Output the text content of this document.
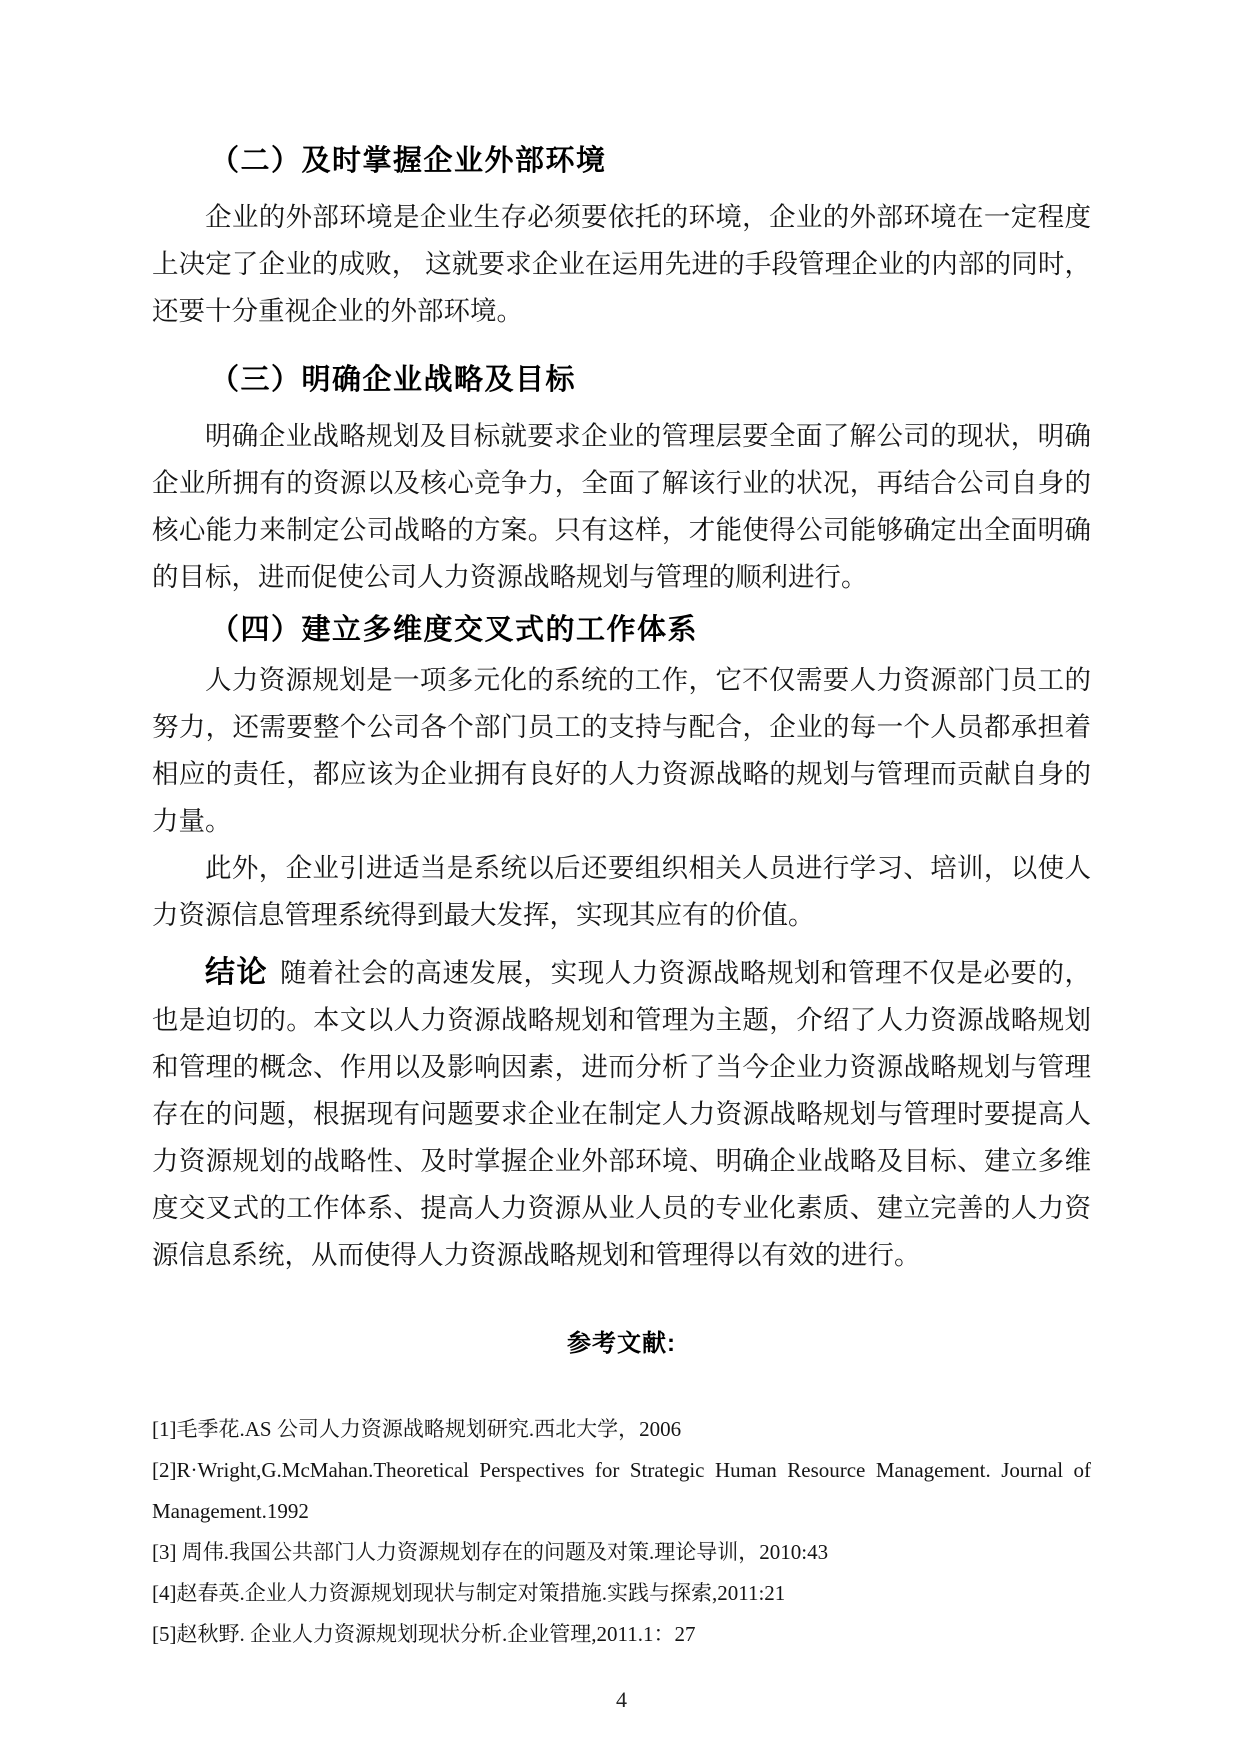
（二）及时掌握企业外部环境

企业的外部环境是企业生存必须要依托的环境，企业的外部环境在一定程度上决定了企业的成败， 这就要求企业在运用先进的手段管理企业的内部的同时，还要十分重视企业的外部环境。

（三）明确企业战略及目标

明确企业战略规划及目标就要求企业的管理层要全面了解公司的现状，明确企业所拥有的资源以及核心竞争力，全面了解该行业的状况，再结合公司自身的核心能力来制定公司战略的方案。只有这样，才能使得公司能够确定出全面明确的目标，进而促使公司人力资源战略规划与管理的顺利进行。

（四）建立多维度交叉式的工作体系

人力资源规划是一项多元化的系统的工作，它不仅需要人力资源部门员工的努力，还需要整个公司各个部门员工的支持与配合，企业的每一个人员都承担着相应的责任，都应该为企业拥有良好的人力资源战略的规划与管理而贡献自身的力量。

此外，企业引进适当是系统以后还要组织相关人员进行学习、培训，以使人力资源信息管理系统得到最大发挥，实现其应有的价值。

结论 随着社会的高速发展，实现人力资源战略规划和管理不仅是必要的，也是迫切的。本文以人力资源战略规划和管理为主题，介绍了人力资源战略规划和管理的概念、作用以及影响因素，进而分析了当今企业力资源战略规划与管理存在的问题，根据现有问题要求企业在制定人力资源战略规划与管理时要提高人力资源规划的战略性、及时掌握企业外部环境、明确企业战略及目标、建立多维度交叉式的工作体系、提高人力资源从业人员的专业化素质、建立完善的人力资源信息系统，从而使得人力资源战略规划和管理得以有效的进行。

参考文献:

[1]毛季花.AS 公司人力资源战略规划研究.西北大学，2006

[2]R·Wright,G.McMahan.Theoretical Perspectives for Strategic Human Resource Management. Journal of Management.1992

[3] 周伟.我国公共部门人力资源规划存在的问题及对策.理论导训，2010:43

[4]赵春英.企业人力资源规划现状与制定对策措施.实践与探索,2011:21

[5]赵秋野. 企业人力资源规划现状分析.企业管理,2011.1：27

4
